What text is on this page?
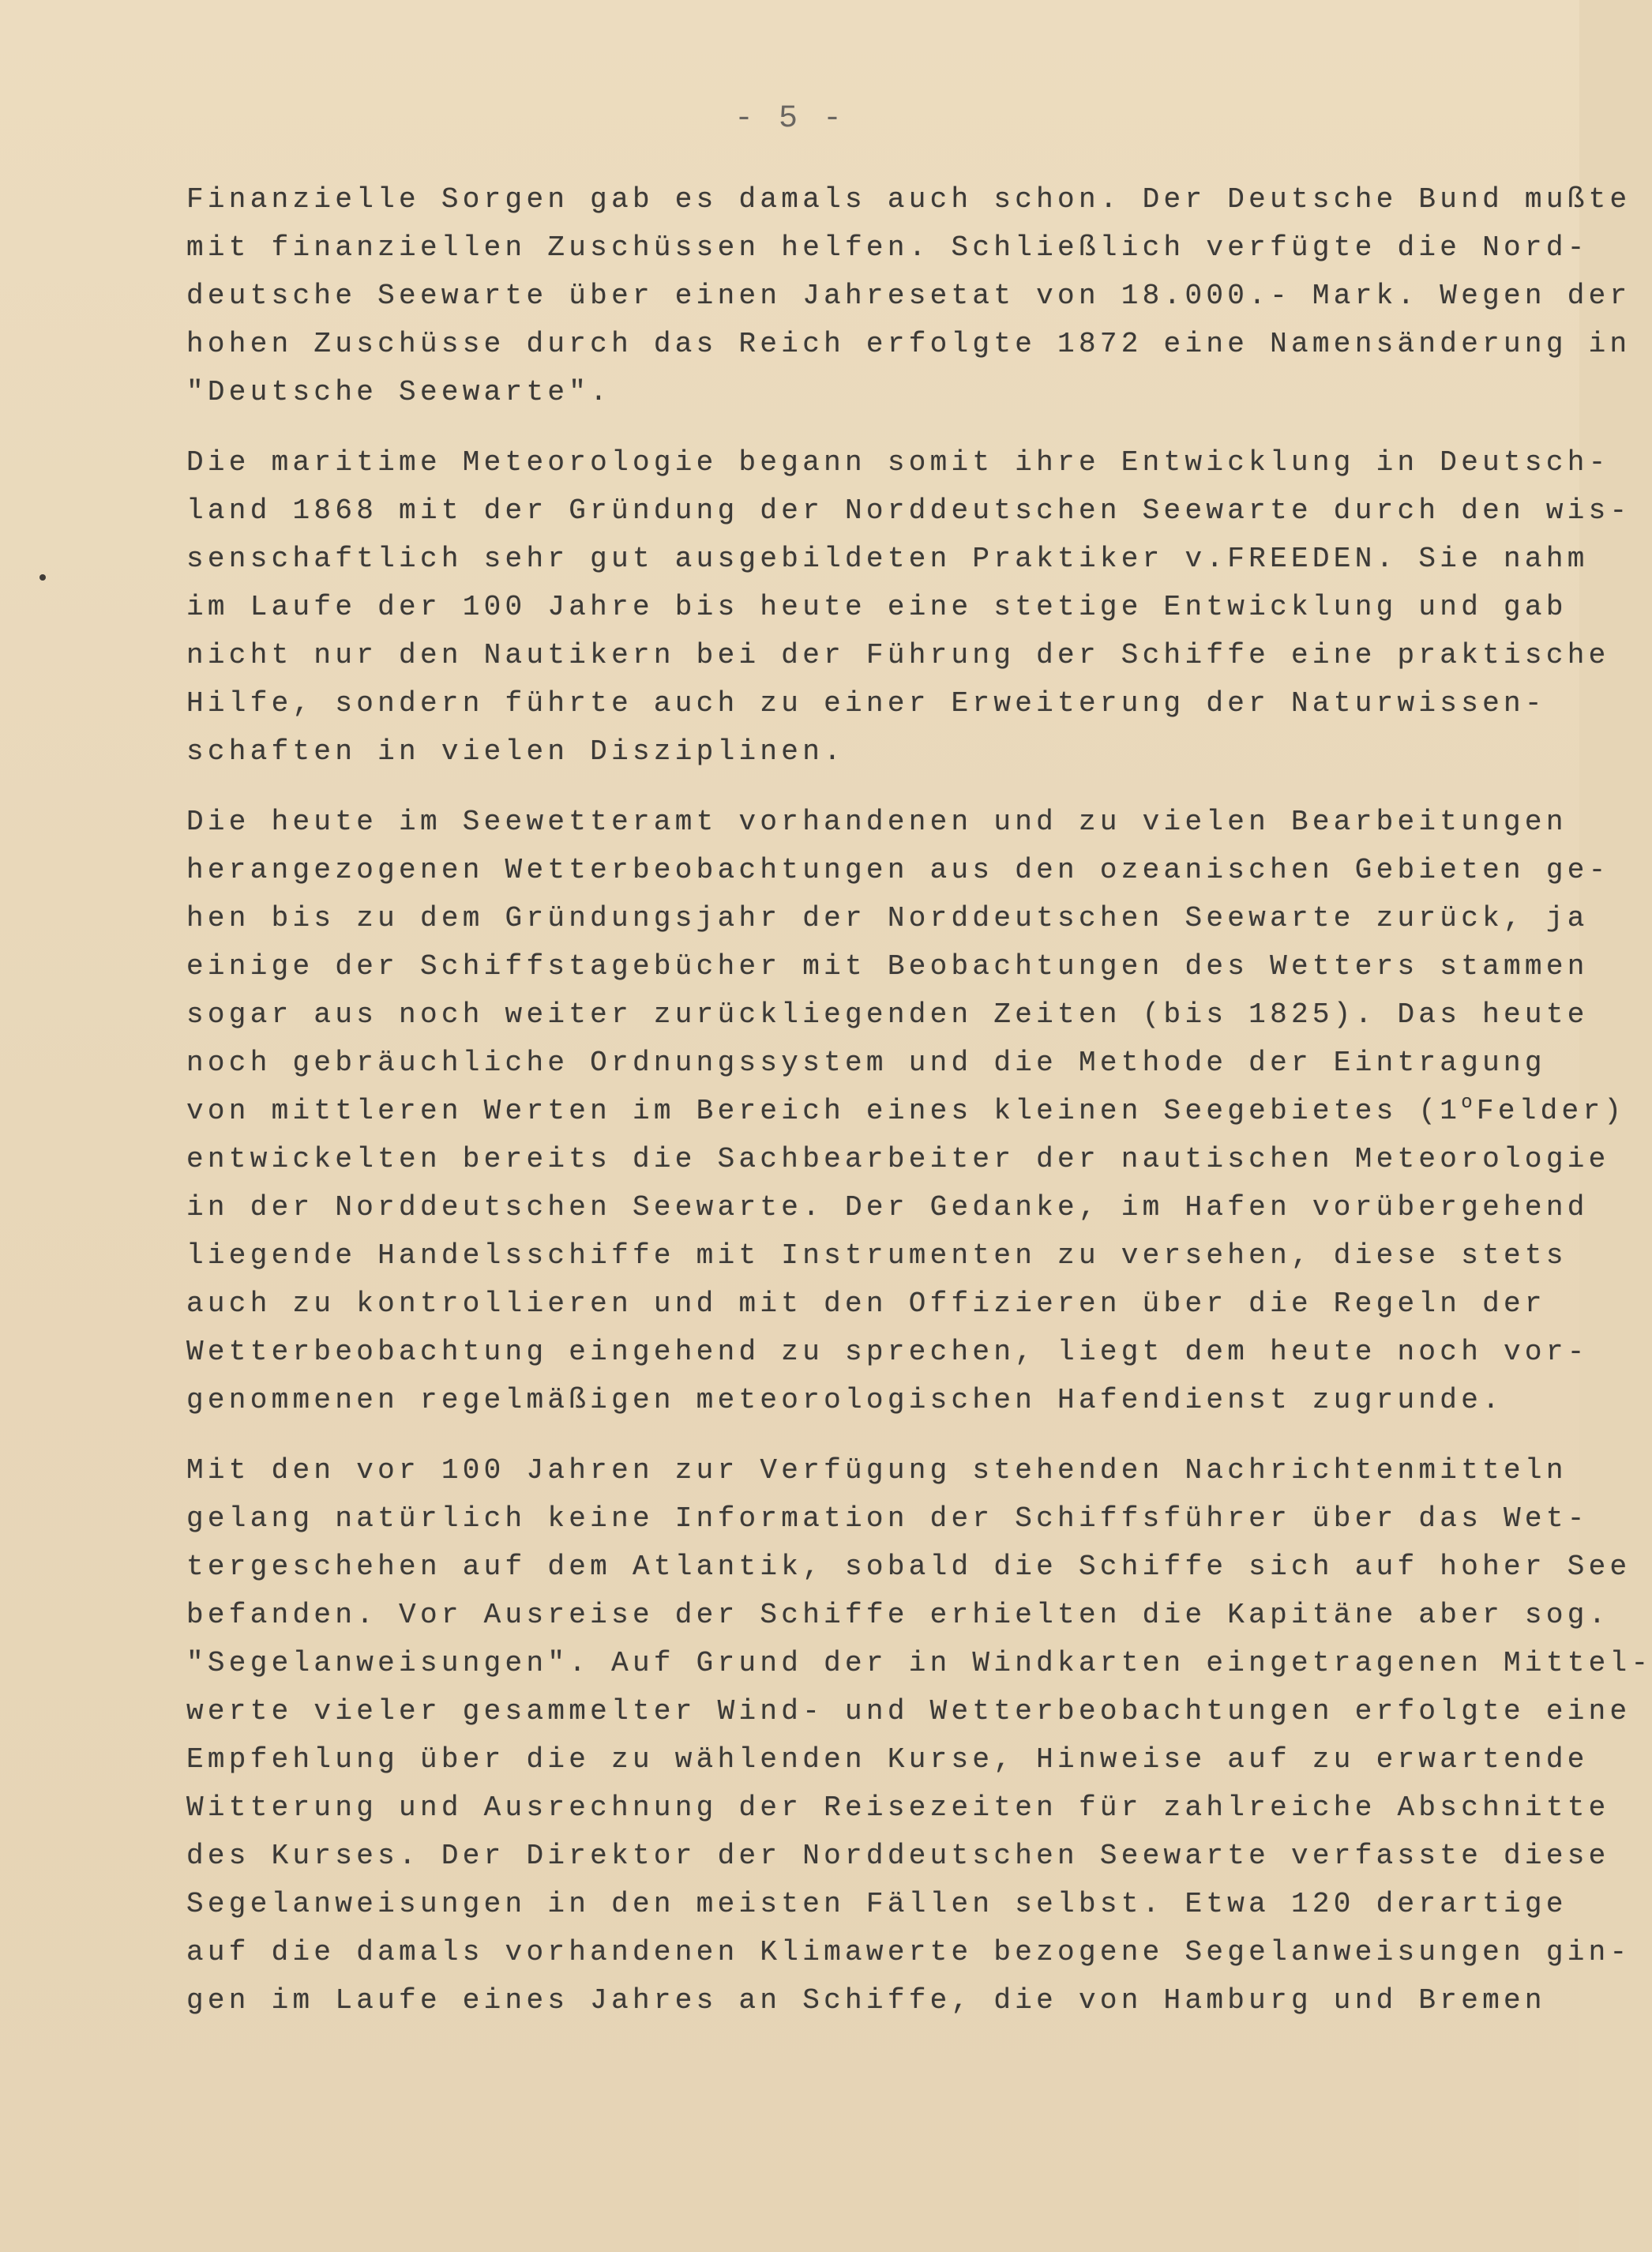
- 5 -

Finanzielle Sorgen gab es damals auch schon. Der Deutsche Bund mußte
mit finanziellen Zuschüssen helfen. Schließlich verfügte die Nord-
deutsche Seewarte über einen Jahresetat von 18.000.- Mark. Wegen der
hohen Zuschüsse durch das Reich erfolgte 1872 eine Namensänderung in
"Deutsche Seewarte".

Die maritime Meteorologie begann somit ihre Entwicklung in Deutsch-
land 1868 mit der Gründung der Norddeutschen Seewarte durch den wis-
senschaftlich sehr gut ausgebildeten Praktiker v.FREEDEN. Sie nahm
im Laufe der 100 Jahre bis heute eine stetige Entwicklung und gab
nicht nur den Nautikern bei der Führung der Schiffe eine praktische
Hilfe, sondern führte auch zu einer Erweiterung der Naturwissen-
schaften in vielen Disziplinen.

Die heute im Seewetteramt vorhandenen und zu vielen Bearbeitungen
herangezogenen Wetterbeobachtungen aus den ozeanischen Gebieten ge-
hen bis zu dem Gründungsjahr der Norddeutschen Seewarte zurück, ja
einige der Schiffstagebücher mit Beobachtungen des Wetters stammen
sogar aus noch weiter zurückliegenden Zeiten (bis 1825). Das heute
noch gebräuchliche Ordnungssystem und die Methode der Eintragung
von mittleren Werten im Bereich eines kleinen Seegebietes (1$^o$Felder)
entwickelten bereits die Sachbearbeiter der nautischen Meteorologie
in der Norddeutschen Seewarte. Der Gedanke, im Hafen vorübergehend
liegende Handelsschiffe mit Instrumenten zu versehen, diese stets
auch zu kontrollieren und mit den Offizieren über die Regeln der
Wetterbeobachtung eingehend zu sprechen, liegt dem heute noch vor-
genommenen regelmäßigen meteorologischen Hafendienst zugrunde.

Mit den vor 100 Jahren zur Verfügung stehenden Nachrichtenmitteln
gelang natürlich keine Information der Schiffsführer über das Wet-
tergeschehen auf dem Atlantik, sobald die Schiffe sich auf hoher See
befanden. Vor Ausreise der Schiffe erhielten die Kapitäne aber sog.
"Segelanweisungen". Auf Grund der in Windkarten eingetragenen Mittel-
werte vieler gesammelter Wind- und Wetterbeobachtungen erfolgte eine
Empfehlung über die zu wählenden Kurse, Hinweise auf zu erwartende
Witterung und Ausrechnung der Reisezeiten für zahlreiche Abschnitte
des Kurses. Der Direktor der Norddeutschen Seewarte verfasste diese
Segelanweisungen in den meisten Fällen selbst. Etwa 120 derartige
auf die damals vorhandenen Klimawerte bezogene Segelanweisungen gin-
gen im Laufe eines Jahres an Schiffe, die von Hamburg und Bremen
